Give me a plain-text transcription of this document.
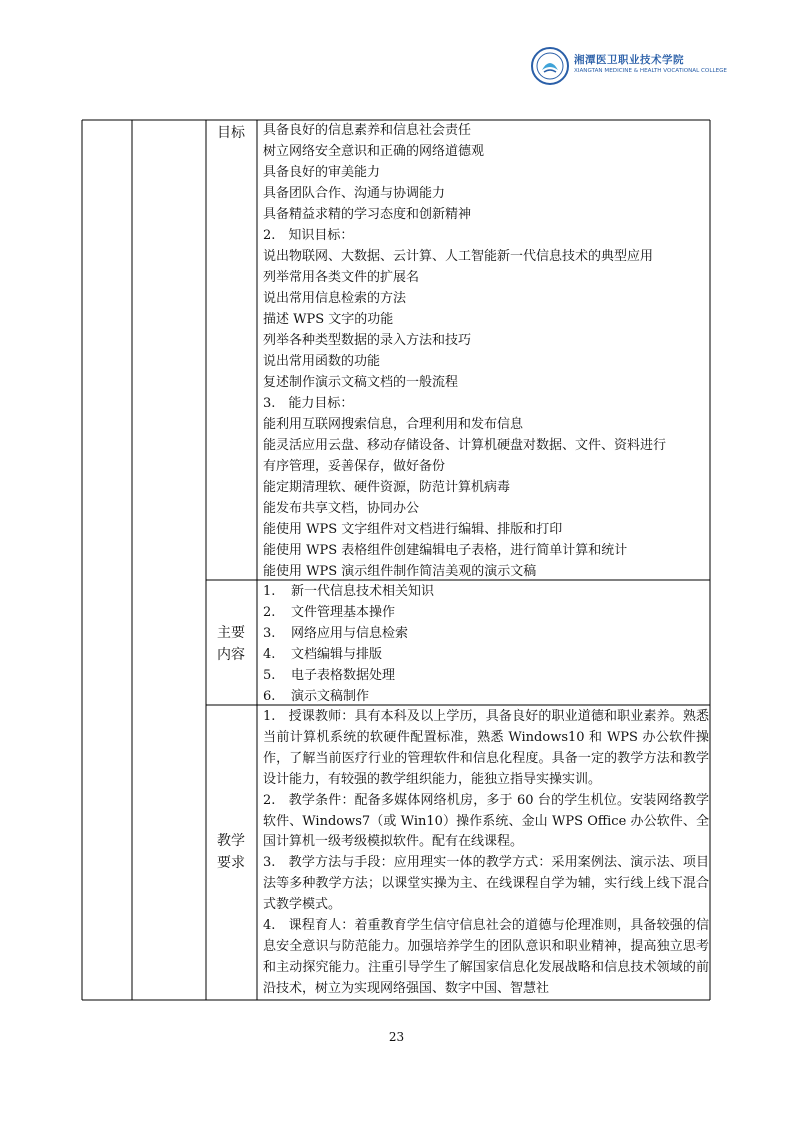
湘潭医卫职业技术学院
XIANGTAN MEDICINE & HEALTH VOCATIONAL COLLEGE
目标	具备良好的信息素养和信息社会责任
树立网络安全意识和正确的网络道德观
具备良好的审美能力
具备团队合作、沟通与协调能力
具备精益求精的学习态度和创新精神
2.　知识目标：
说出物联网、大数据、云计算、人工智能新一代信息技术的典型应用
列举常用各类文件的扩展名
说出常用信息检索的方法
描述 WPS 文字的功能
列举各种类型数据的录入方法和技巧
说出常用函数的功能
复述制作演示文稿文档的一般流程
3.　能力目标：
能利用互联网搜索信息，合理利用和发布信息
能灵活应用云盘、移动存储设备、计算机硬盘对数据、文件、资料进行
有序管理，妥善保存，做好备份
能定期清理软、硬件资源，防范计算机病毒
能发布共享文档，协同办公
能使用 WPS 文字组件对文档进行编辑、排版和打印
能使用 WPS 表格组件创建编辑电子表格，进行简单计算和统计
能使用 WPS 演示组件制作简洁美观的演示文稿
主要
内容
1. 新一代信息技术相关知识
2. 文件管理基本操作
3. 网络应用与信息检索
4. 文档编辑与排版
5. 电子表格数据处理
6. 演示文稿制作
教学
要求

1.　授课教师：具有本科及以上学历，具备良好的职业道德和职业素养。熟悉当前计算机系统的软硬件配置标准，熟悉 Windows10 和 WPS 办公软件操作，了解当前医疗行业的管理软件和信息化程度。具备一定的教学方法和教学设计能力，有较强的教学组织能力，能独立指导实操实训。

2.　教学条件：配备多媒体网络机房，多于 60 台的学生机位。安装网络教学软件、Windows7（或 Win10）操作系统、金山 WPS Office 办公软件、全国计算机一级考级模拟软件。配有在线课程。

3.　教学方法与手段：应用理实一体的教学方式：采用案例法、演示法、项目法等多种教学方法；以课堂实操为主、在线课程自学为辅，实行线上线下混合式教学模式。

4.　课程育人：着重教育学生信守信息社会的道德与伦理准则，具备较强的信息安全意识与防范能力。加强培养学生的团队意识和职业精神，提高独立思考和主动探究能力。注重引导学生了解国家信息化发展战略和信息技术领域的前沿技术，树立为实现网络强国、数字中国、智慧社

23
